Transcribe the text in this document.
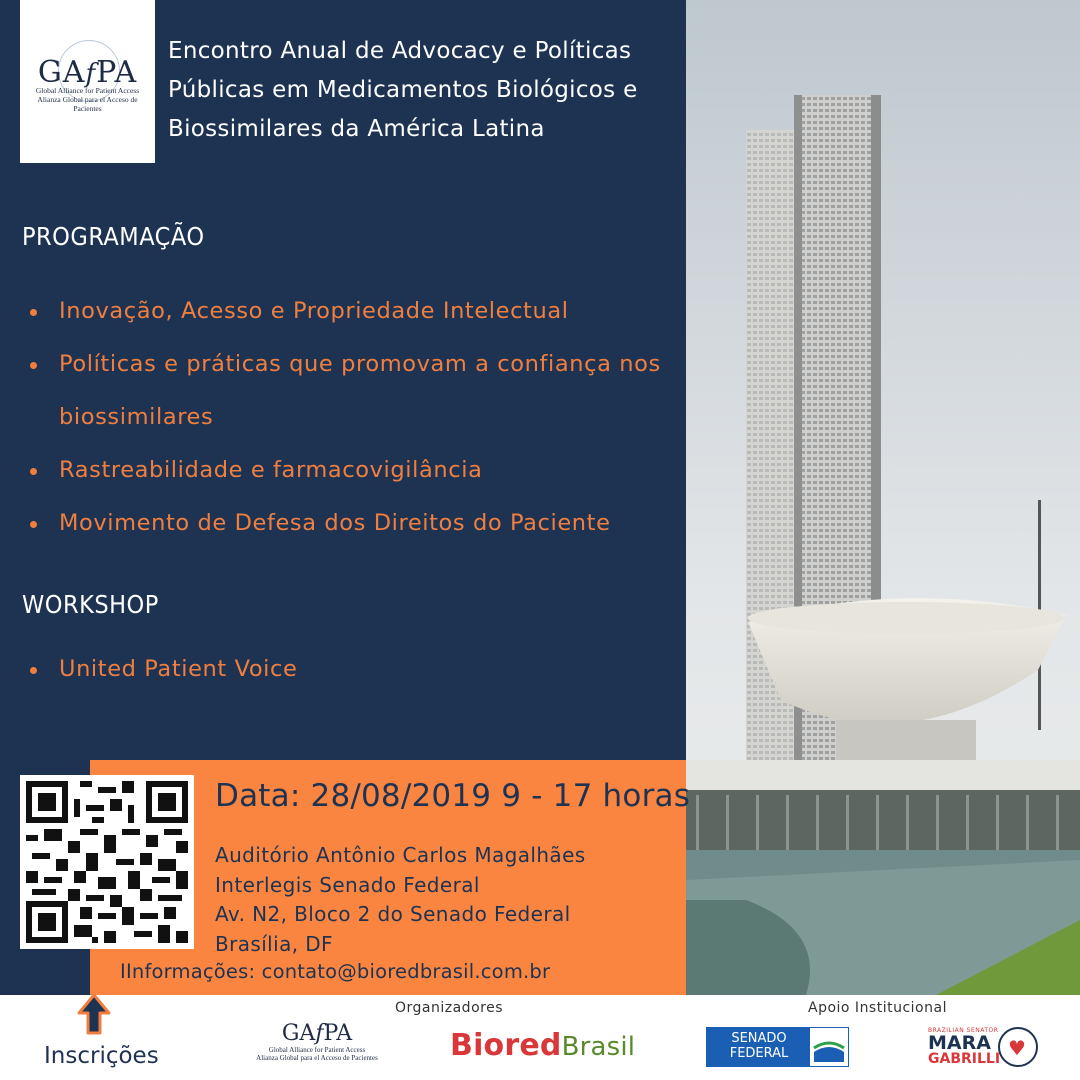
GAfPA
Global Alliance for Patient Access
Alianza Global para el Acceso de Pacientes
Encontro Anual de Advocacy e Políticas Públicas em Medicamentos Biológicos e Biossimilares da América Latina
PROGRAMAÇÃO
Inovação, Acesso e Propriedade Intelectual
Políticas e práticas que promovam a confiança nos biossimilares
Rastreabilidade e farmacovigilância
Movimento de Defesa dos Direitos do Paciente
WORKSHOP
United Patient Voice
Data: 28/08/2019 9 - 17 horas
Auditório Antônio Carlos Magalhães
Interlegis Senado Federal
Av. N2, Bloco 2 do Senado Federal
Brasília, DF
IInformações: contato@bioredbrasil.com.br
Inscrições
Organizadores	Apoio Institucional
GAfPA
Global Alliance for Patient Access
Alianza Global para el Acceso de Pacientes BioredBrasil	SENADO
FEDERAL
BRAZILIAN SENATOR
MARA
GABRILLI ♥
